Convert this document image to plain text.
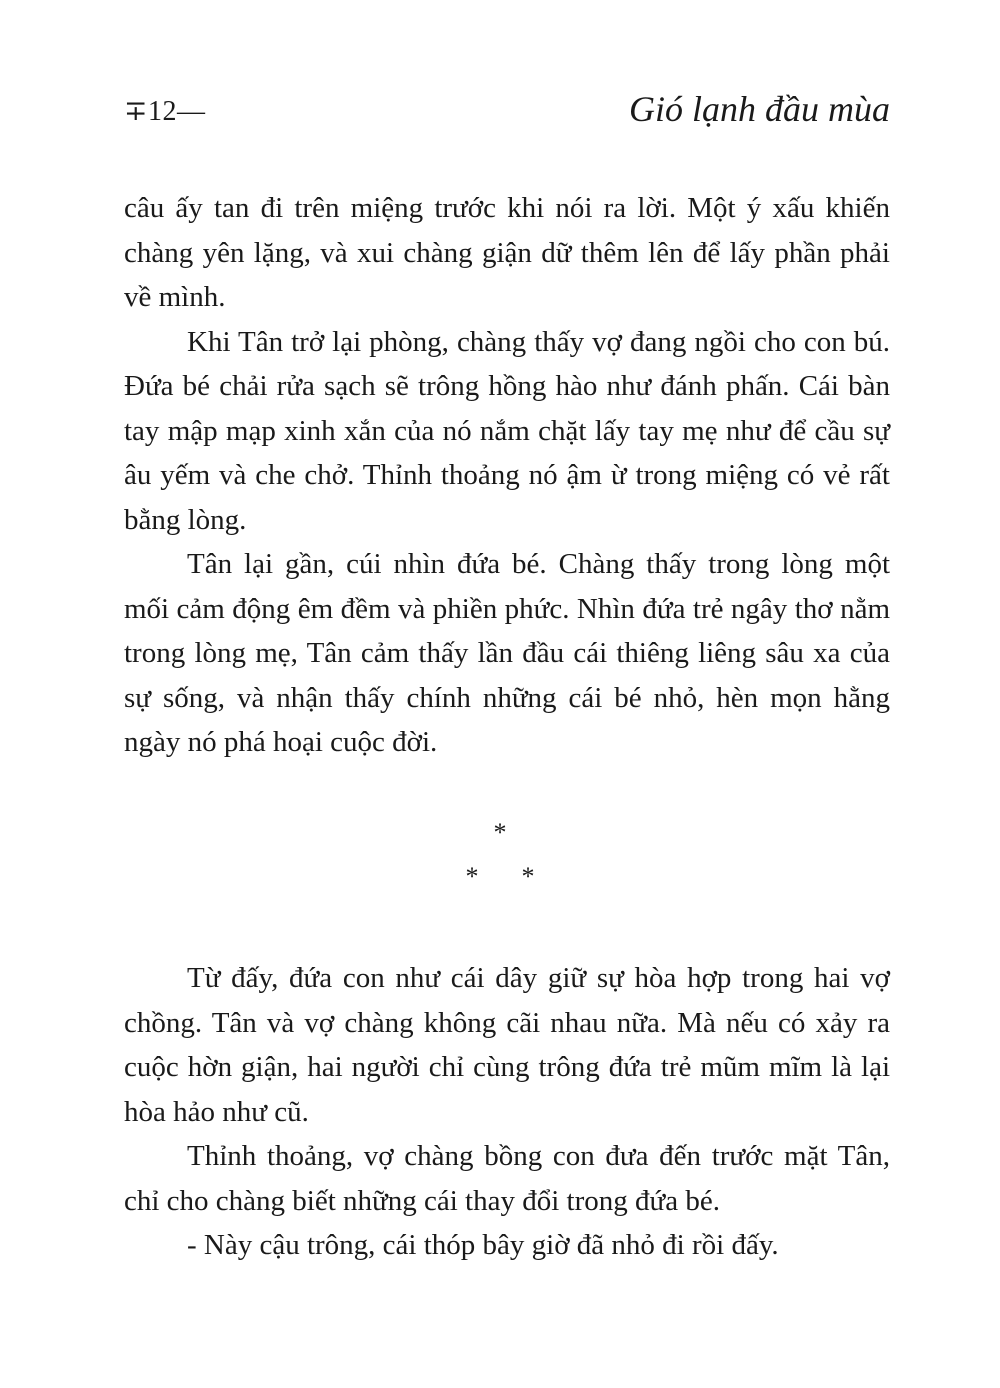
∓12—	Gió lạnh đầu mùa

câu ấy tan đi trên miệng trước khi nói ra lời. Một ý xấu khiến chàng yên lặng, và xui chàng giận dữ thêm lên để lấy phần phải về mình.

Khi Tân trở lại phòng, chàng thấy vợ đang ngồi cho con bú. Đứa bé chải rửa sạch sẽ trông hồng hào như đánh phấn. Cái bàn tay mập mạp xinh xắn của nó nắm chặt lấy tay mẹ như để cầu sự âu yếm và che chở. Thỉnh thoảng nó ậm ừ trong miệng có vẻ rất bằng lòng.

Tân lại gần, cúi nhìn đứa bé. Chàng thấy trong lòng một mối cảm động êm đềm và phiền phức. Nhìn đứa trẻ ngây thơ nằm trong lòng mẹ, Tân cảm thấy lần đầu cái thiêng liêng sâu xa của sự sống, và nhận thấy chính những cái bé nhỏ, hèn mọn hằng ngày nó phá hoại cuộc đời.

*
* *

Từ đấy, đứa con như cái dây giữ sự hòa hợp trong hai vợ chồng. Tân và vợ chàng không cãi nhau nữa. Mà nếu có xảy ra cuộc hờn giận, hai người chỉ cùng trông đứa trẻ mũm mĩm là lại hòa hảo như cũ.

Thỉnh thoảng, vợ chàng bồng con đưa đến trước mặt Tân, chỉ cho chàng biết những cái thay đổi trong đứa bé.

- Này cậu trông, cái thóp bây giờ đã nhỏ đi rồi đấy.
